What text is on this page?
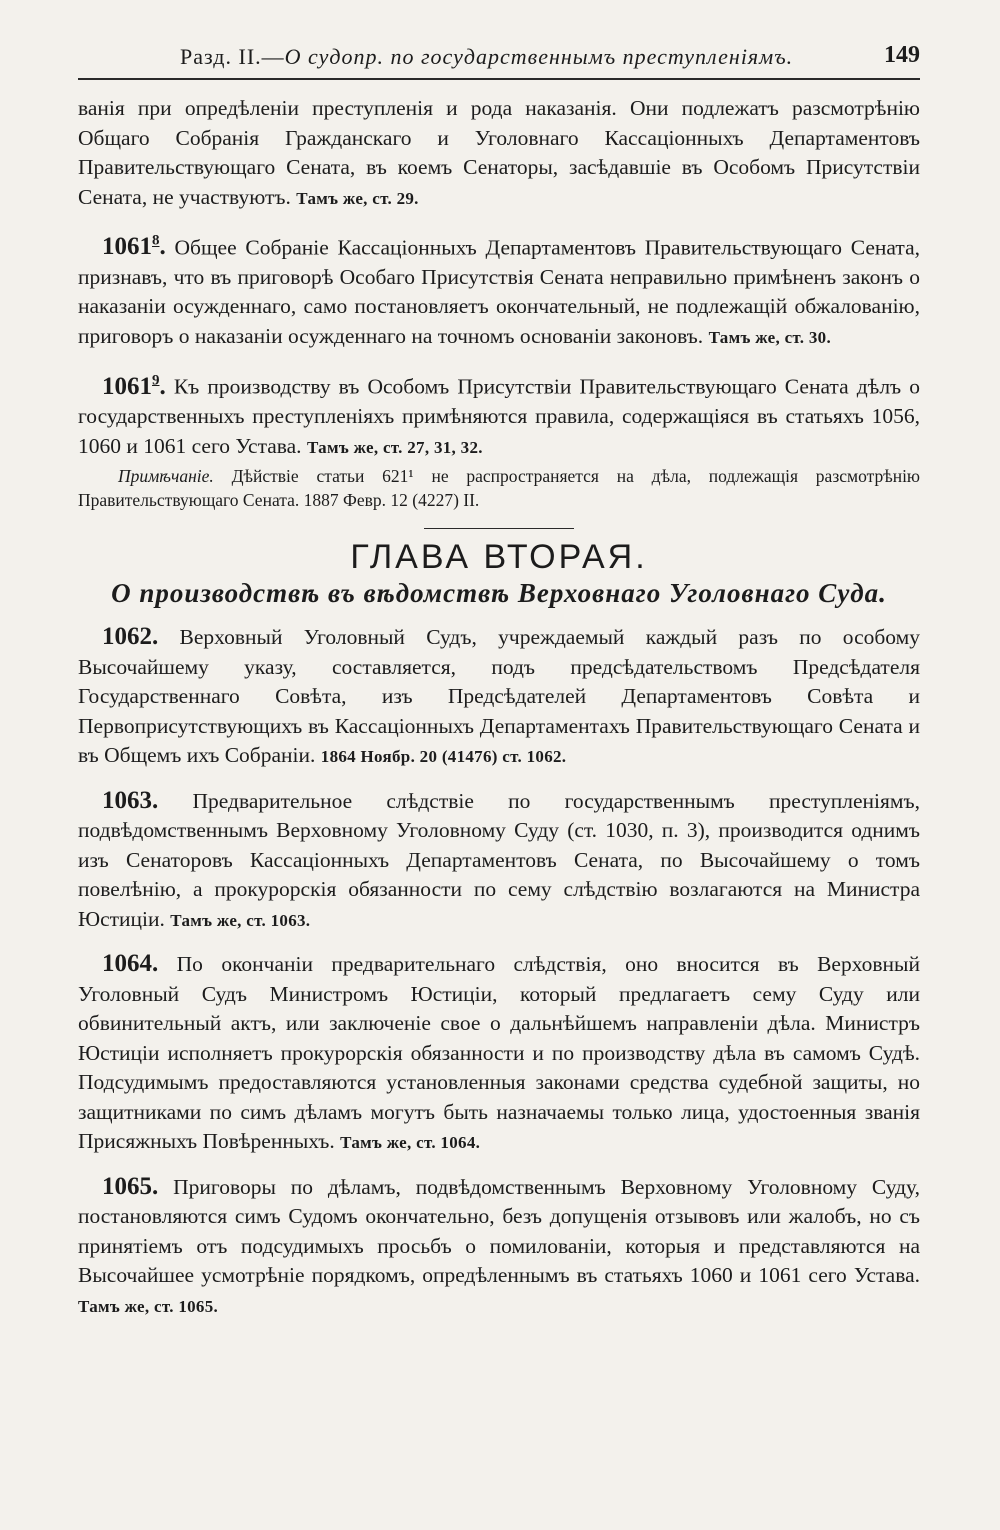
Разд. II.—О судопр. по государственнымъ преступленіямъ.	149

ванія при опредѣленіи преступленія и рода наказанія. Они подлежатъ разсмотрѣнію Общаго Собранія Гражданскаго и Уголовнаго Кассаціонныхъ Департаментовъ Правительствующаго Сената, въ коемъ Сенаторы, засѣдавшіе въ Особомъ Присутствіи Сената, не участвуютъ. Тамъ же, ст. 29.

1061$^8$. Общее Собраніе Кассаціонныхъ Департаментовъ Правительствующаго Сената, признавъ, что въ приговорѣ Особаго Присутствія Сената неправильно примѣненъ законъ о наказаніи осужденнаго, само постановляетъ окончательный, не подлежащій обжалованію, приговоръ о наказаніи осужденнаго на точномъ основаніи законовъ. Тамъ же, ст. 30.

1061$^9$. Къ производству въ Особомъ Присутствіи Правительствующаго Сената дѣлъ о государственныхъ преступленіяхъ примѣняются правила, содержащіяся въ статьяхъ 1056, 1060 и 1061 сего Устава. Тамъ же, ст. 27, 31, 32.

Примѣчаніе. Дѣйствіе статьи 621¹ не распространяется на дѣла, подлежащія разсмотрѣнію Правительствующаго Сената. 1887 Февр. 12 (4227) II.

ГЛАВА ВТОРАЯ.
О производствѣ въ вѣдомствѣ Верховнаго Уголовнаго Суда.

1062. Верховный Уголовный Судъ, учреждаемый каждый разъ по особому Высочайшему указу, составляется, подъ предсѣдательствомъ Предсѣдателя Государственнаго Совѣта, изъ Предсѣдателей Департаментовъ Совѣта и Первоприсутствующихъ въ Кассаціонныхъ Департаментахъ Правительствующаго Сената и въ Общемъ ихъ Собраніи. 1864 Ноябр. 20 (41476) ст. 1062.

1063. Предварительное слѣдствіе по государственнымъ преступленіямъ, подвѣдомственнымъ Верховному Уголовному Суду (ст. 1030, п. 3), производится однимъ изъ Сенаторовъ Кассаціонныхъ Департаментовъ Сената, по Высочайшему о томъ повелѣнію, а прокурорскія обязанности по сему слѣдствію возлагаются на Министра Юстиціи. Тамъ же, ст. 1063.

1064. По окончаніи предварительнаго слѣдствія, оно вносится въ Верховный Уголовный Судъ Министромъ Юстиціи, который предлагаетъ сему Суду или обвинительный актъ, или заключеніе свое о дальнѣйшемъ направленіи дѣла. Министръ Юстиціи исполняетъ прокурорскія обязанности и по производству дѣла въ самомъ Судѣ. Подсудимымъ предоставляются установленныя законами средства судебной защиты, но защитниками по симъ дѣламъ могутъ быть назначаемы только лица, удостоенныя званія Присяжныхъ Повѣренныхъ. Тамъ же, ст. 1064.

1065. Приговоры по дѣламъ, подвѣдомственнымъ Верховному Уголовному Суду, постановляются симъ Судомъ окончательно, безъ допущенія отзывовъ или жалобъ, но съ принятіемъ отъ подсудимыхъ просьбъ о помилованіи, которыя и представляются на Высочайшее усмотрѣніе порядкомъ, опредѣленнымъ въ статьяхъ 1060 и 1061 сего Устава. Тамъ же, ст. 1065.
